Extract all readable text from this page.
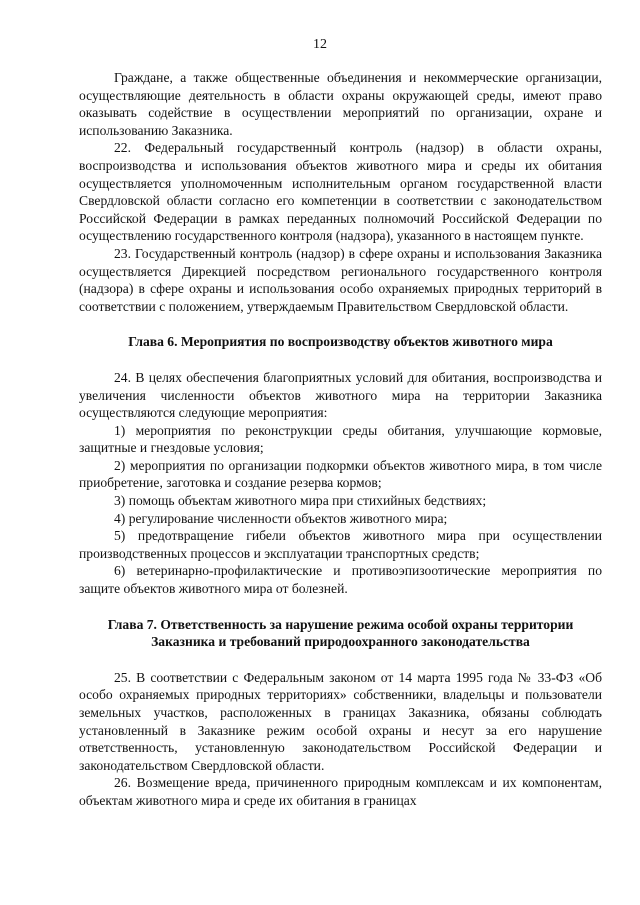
12

Граждане, а также общественные объединения и некоммерческие организации, осуществляющие деятельность в области охраны окружающей среды, имеют право оказывать содействие в осуществлении мероприятий по организации, охране и использованию Заказника.

22. Федеральный государственный контроль (надзор) в области охраны, воспроизводства и использования объектов животного мира и среды их обитания осуществляется уполномоченным исполнительным органом государственной власти Свердловской области согласно его компетенции в соответствии с законодательством Российской Федерации в рамках переданных полномочий Российской Федерации по осуществлению государственного контроля (надзора), указанного в настоящем пункте.

23. Государственный контроль (надзор) в сфере охраны и использования Заказника осуществляется Дирекцией посредством регионального государственного контроля (надзора) в сфере охраны и использования особо охраняемых природных территорий в соответствии с положением, утверждаемым Правительством Свердловской области.

Глава 6. Мероприятия по воспроизводству объектов животного мира

24. В целях обеспечения благоприятных условий для обитания, воспроизводства и увеличения численности объектов животного мира на территории Заказника осуществляются следующие мероприятия:

1) мероприятия по реконструкции среды обитания, улучшающие кормовые, защитные и гнездовые условия;

2) мероприятия по организации подкормки объектов животного мира, в том числе приобретение, заготовка и создание резерва кормов;

3) помощь объектам животного мира при стихийных бедствиях;

4) регулирование численности объектов животного мира;

5) предотвращение гибели объектов животного мира при осуществлении производственных процессов и эксплуатации транспортных средств;

6) ветеринарно-профилактические и противоэпизоотические мероприятия по защите объектов животного мира от болезней.

Глава 7. Ответственность за нарушение режима особой охраны территории
Заказника и требований природоохранного законодательства

25. В соответствии с Федеральным законом от 14 марта 1995 года № 33-ФЗ «Об особо охраняемых природных территориях» собственники, владельцы и пользователи земельных участков, расположенных в границах Заказника, обязаны соблюдать установленный в Заказнике режим особой охраны и несут за его нарушение ответственность, установленную законодательством Российской Федерации и законодательством Свердловской области.

26. Возмещение вреда, причиненного природным комплексам и их компонентам, объектам животного мира и среде их обитания в границах
